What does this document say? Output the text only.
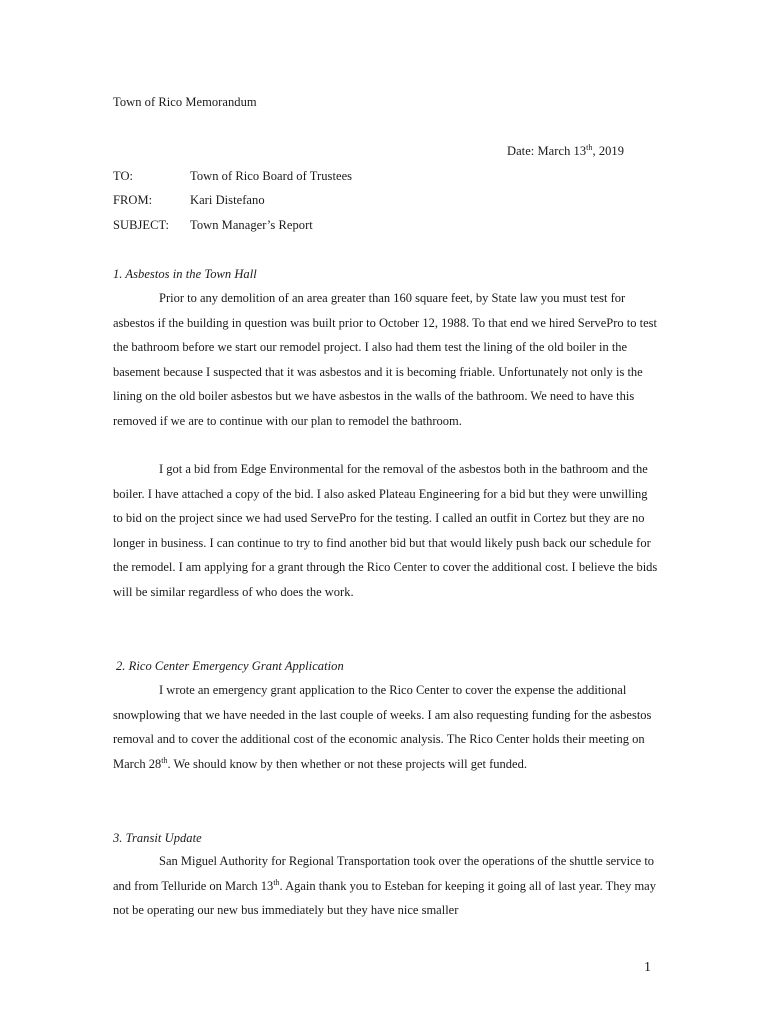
Town of Rico Memorandum
Date: March 13th, 2019
TO:	Town of Rico Board of Trustees
FROM:	Kari Distefano
SUBJECT: Town Manager’s Report
1. Asbestos in the Town Hall

Prior to any demolition of an area greater than 160 square feet, by State law you must test for asbestos if the building in question was built prior to October 12, 1988. To that end we hired ServePro to test the bathroom before we start our remodel project. I also had them test the lining of the old boiler in the basement because I suspected that it was asbestos and it is becoming friable. Unfortunately not only is the lining on the old boiler asbestos but we have asbestos in the walls of the bathroom. We need to have this removed if we are to continue with our plan to remodel the bathroom.

I got a bid from Edge Environmental for the removal of the asbestos both in the bathroom and the boiler. I have attached a copy of the bid. I also asked Plateau Engineering for a bid but they were unwilling to bid on the project since we had used ServePro for the testing. I called an outfit in Cortez but they are no longer in business. I can continue to try to find another bid but that would likely push back our schedule for the remodel. I am applying for a grant through the Rico Center to cover the additional cost. I believe the bids will be similar regardless of who does the work.

2. Rico Center Emergency Grant Application

I wrote an emergency grant application to the Rico Center to cover the expense the additional snowplowing that we have needed in the last couple of weeks. I am also requesting funding for the asbestos removal and to cover the additional cost of the economic analysis. The Rico Center holds their meeting on March 28th. We should know by then whether or not these projects will get funded.

3. Transit Update

San Miguel Authority for Regional Transportation took over the operations of the shuttle service to and from Telluride on March 13th. Again thank you to Esteban for keeping it going all of last year. They may not be operating our new bus immediately but they have nice smaller

1
